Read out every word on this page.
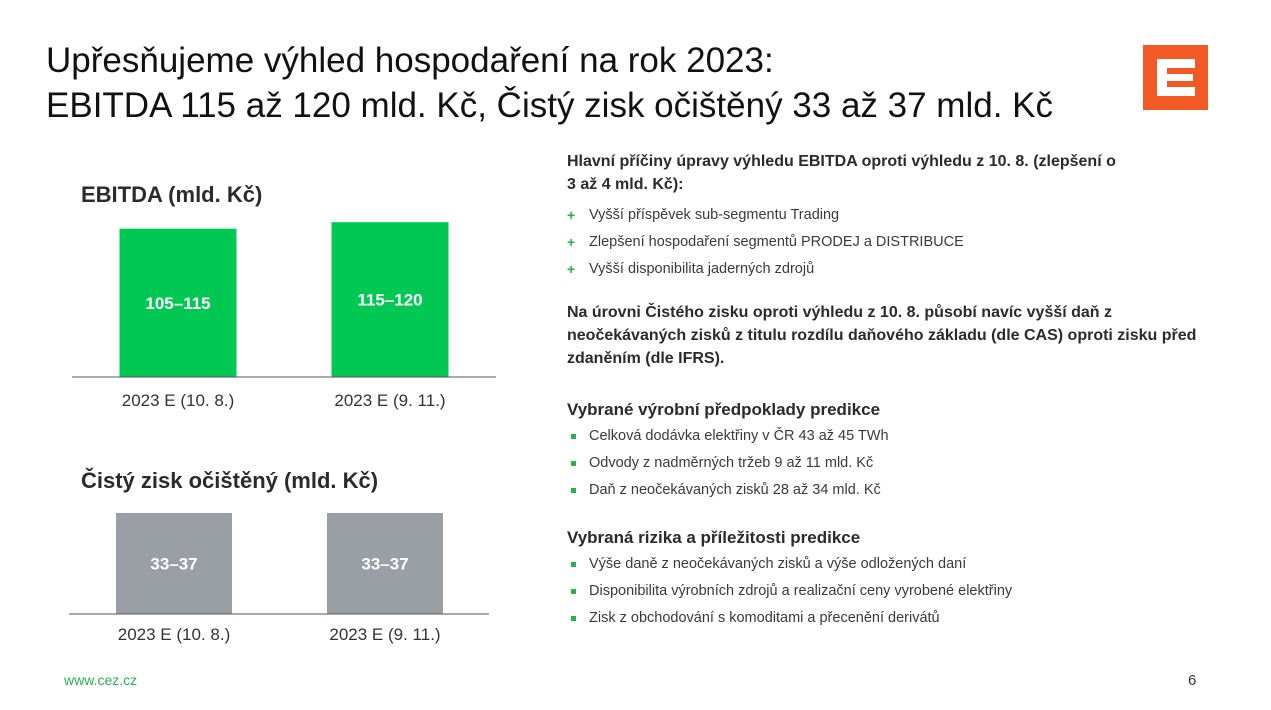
Upřesňujeme výhled hospodaření na rok 2023:
EBITDA 115 až 120 mld. Kč, Čistý zisk očištěný 33 až 37 mld. Kč
EBITDA (mld. Kč)
Čistý zisk očištěný (mld. Kč)
105–115
2023 E (10. 8.)
115–120
2023 E (9. 11.)
33–37
2023 E (10. 8.)
33–37
2023 E (9. 11.)
Hlavní příčiny úpravy výhledu EBITDA oproti výhledu z 10. 8. (zlepšení o 3 až 4 mld. Kč):
+ Vyšší příspěvek sub-segmentu Trading
+ Zlepšení hospodaření segmentů PRODEJ a DISTRIBUCE
+ Vyšší disponibilita jaderných zdrojů
Na úrovni Čistého zisku oproti výhledu z 10. 8. působí navíc vyšší daň z neočekávaných zisků z titulu rozdílu daňového základu (dle CAS) oproti zisku před zdaněním (dle IFRS).
Vybrané výrobní předpoklady predikce
Celková dodávka elektřiny v ČR 43 až 45 TWh
Odvody z nadměrných tržeb 9 až 11 mld. Kč
Daň z neočekávaných zisků 28 až 34 mld. Kč
Vybraná rizika a příležitosti predikce
Výše daně z neočekávaných zisků a výše odložených daní
Disponibilita výrobních zdrojů a realizační ceny vyrobené elektřiny
Zisk z obchodování s komoditami a přecenění derivátů
www.cez.cz	6
